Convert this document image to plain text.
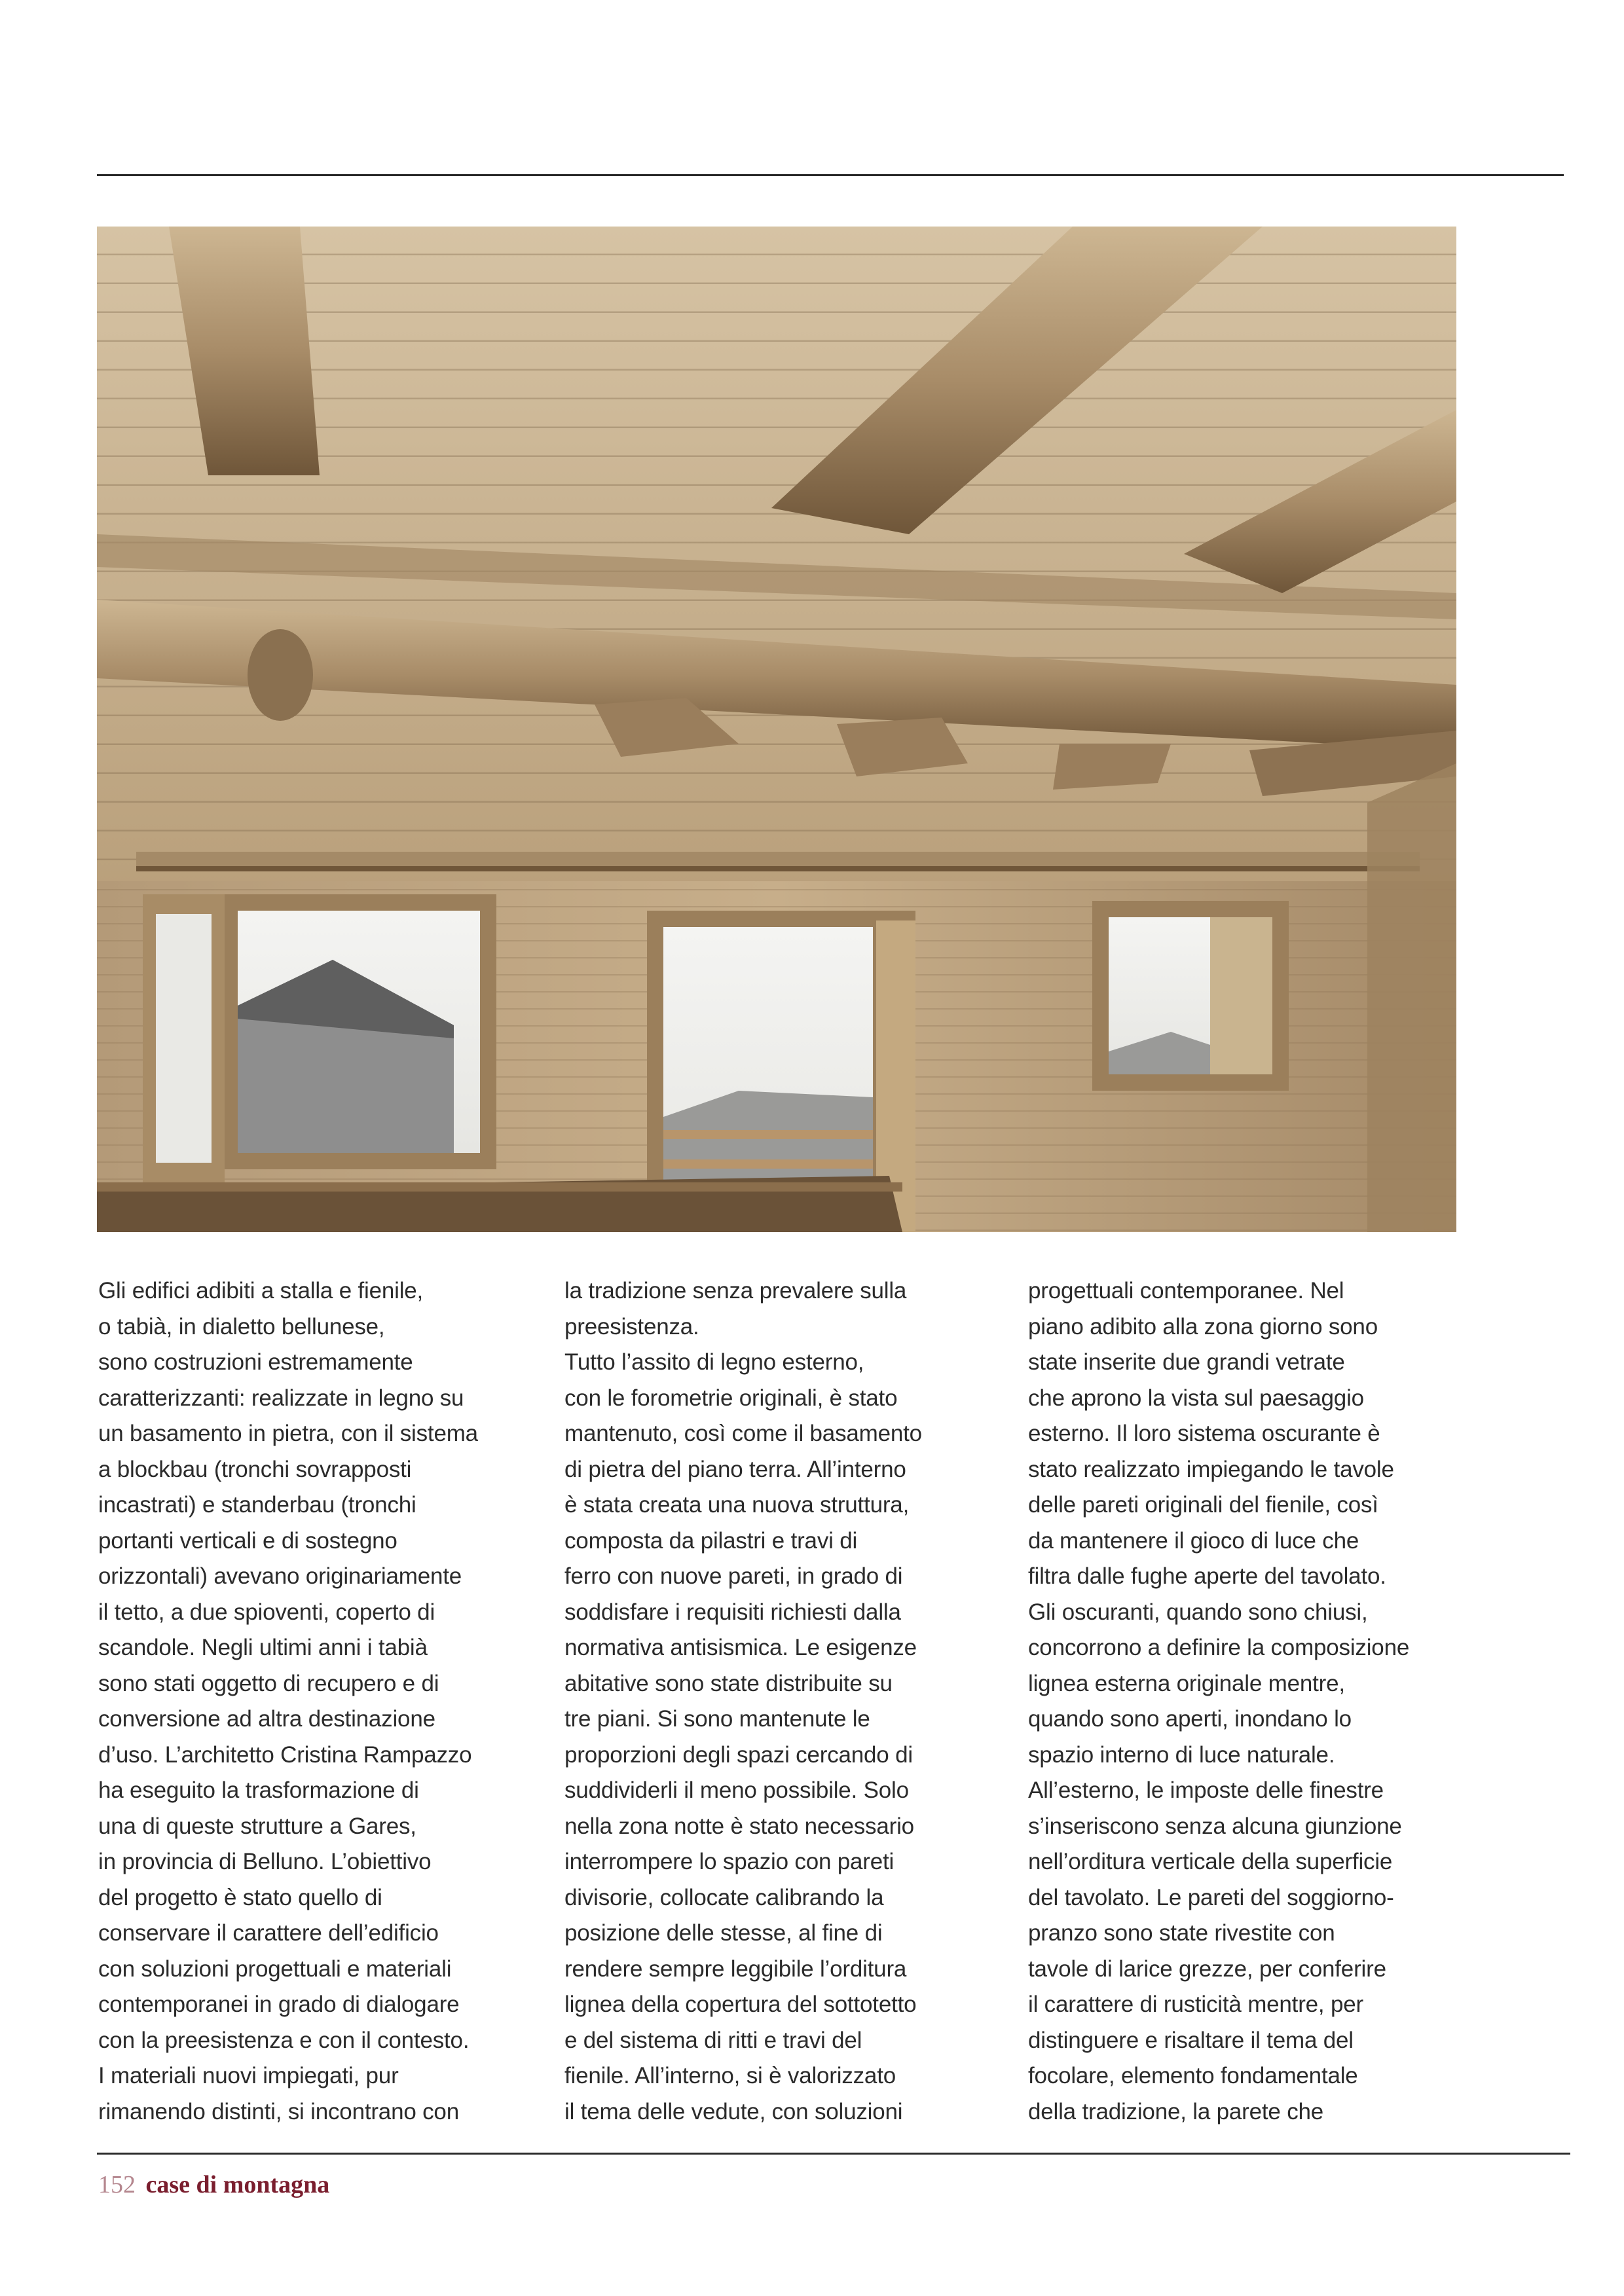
Gli edifici adibiti a stalla e fienile,
o tabià, in dialetto bellunese,
sono costruzioni estremamente
caratterizzanti: realizzate in legno su
un basamento in pietra, con il sistema
a blockbau (tronchi sovrapposti
incastrati) e standerbau (tronchi
portanti verticali e di sostegno
orizzontali) avevano originariamente
il tetto, a due spioventi, coperto di
scandole. Negli ultimi anni i tabià
sono stati oggetto di recupero e di
conversione ad altra destinazione
d’uso. L’architetto Cristina Rampazzo
ha eseguito la trasformazione di
una di queste strutture a Gares,
in provincia di Belluno. L’obiettivo
del progetto è stato quello di
conservare il carattere dell’edificio
con soluzioni progettuali e materiali
contemporanei in grado di dialogare
con la preesistenza e con il contesto.
I materiali nuovi impiegati, pur
rimanendo distinti, si incontrano con
la tradizione senza prevalere sulla
preesistenza.
Tutto l’assito di legno esterno,
con le forometrie originali, è stato
mantenuto, così come il basamento
di pietra del piano terra. All’interno
è stata creata una nuova struttura,
composta da pilastri e travi di
ferro con nuove pareti, in grado di
soddisfare i requisiti richiesti dalla
normativa antisismica. Le esigenze
abitative sono state distribuite su
tre piani. Si sono mantenute le
proporzioni degli spazi cercando di
suddividerli il meno possibile. Solo
nella zona notte è stato necessario
interrompere lo spazio con pareti
divisorie, collocate calibrando la
posizione delle stesse, al fine di
rendere sempre leggibile l’orditura
lignea della copertura del sottotetto
e del sistema di ritti e travi del
fienile. All’interno, si è valorizzato
il tema delle vedute, con soluzioni
progettuali contemporanee. Nel
piano adibito alla zona giorno sono
state inserite due grandi vetrate
che aprono la vista sul paesaggio
esterno. Il loro sistema oscurante è
stato realizzato impiegando le tavole
delle pareti originali del fienile, così
da mantenere il gioco di luce che
filtra dalle fughe aperte del tavolato.
Gli oscuranti, quando sono chiusi,
concorrono a definire la composizione
lignea esterna originale mentre,
quando sono aperti, inondano lo
spazio interno di luce naturale.
All’esterno, le imposte delle finestre
s’inseriscono senza alcuna giunzione
nell’orditura verticale della superficie
del tavolato. Le pareti del soggiorno-
pranzo sono state rivestite con
tavole di larice grezze, per conferire
il carattere di rusticità mentre, per
distinguere e risaltare il tema del
focolare, elemento fondamentale
della tradizione, la parete che
152 case di montagna
